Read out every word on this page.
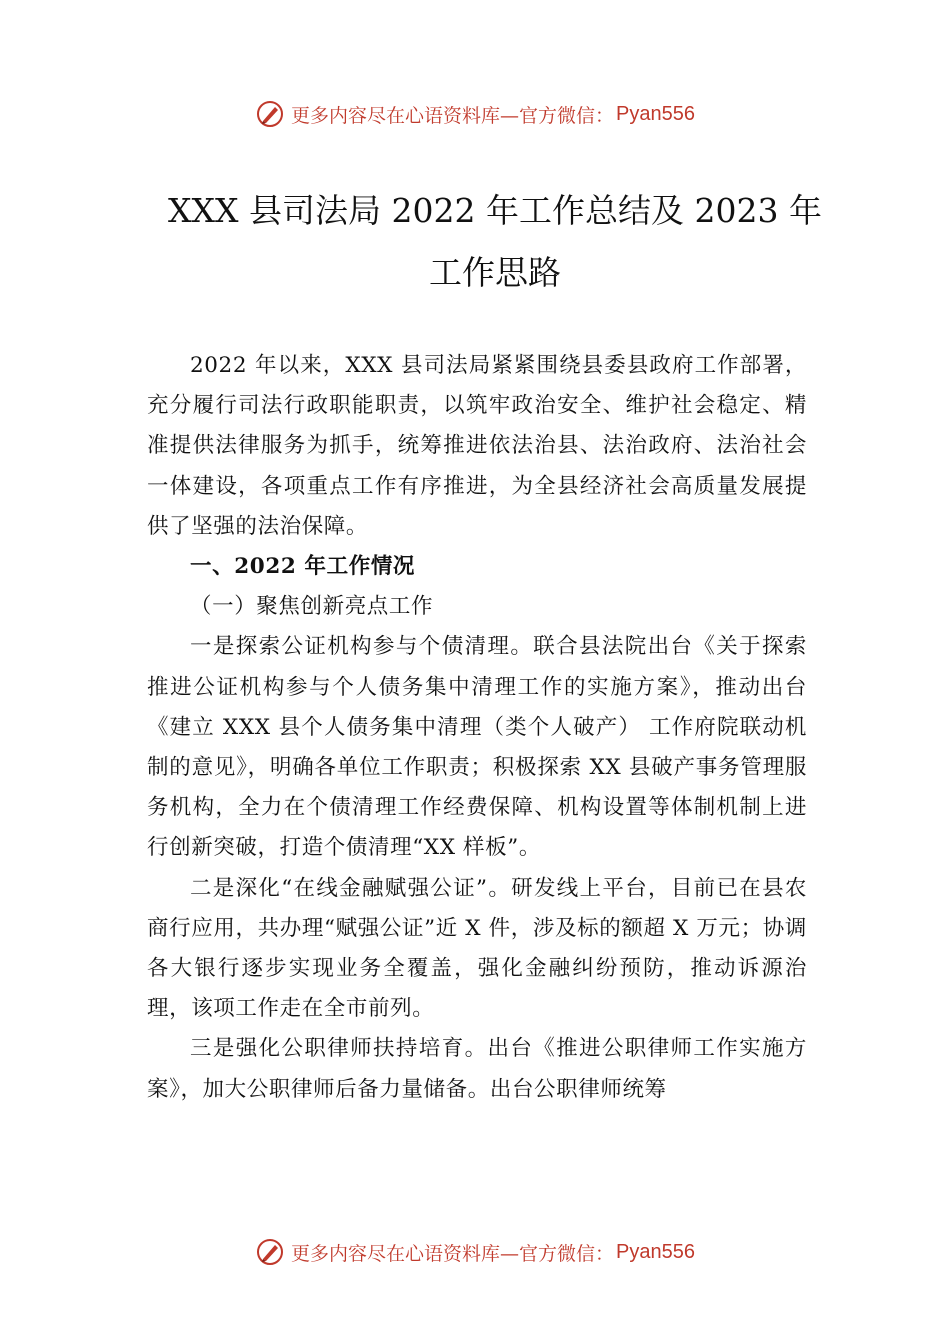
更多内容尽在心语资料库—官方微信： Pyan556
XXX 县司法局 2022 年工作总结及 2023 年
工作思路

2022 年以来，XXX 县司法局紧紧围绕县委县政府工作部署，充分履行司法行政职能职责，以筑牢政治安全、维护社会稳定、精准提供法律服务为抓手，统筹推进依法治县、法治政府、法治社会一体建设，各项重点工作有序推进，为全县经济社会高质量发展提供了坚强的法治保障。

一、2022 年工作情况

（一）聚焦创新亮点工作

一是探索公证机构参与个债清理。联合县法院出台《关于探索推进公证机构参与个人债务集中清理工作的实施方案》，推动出台《建立 XXX 县个人债务集中清理（类个人破产） 工作府院联动机制的意见》，明确各单位工作职责；积极探索 XX 县破产事务管理服务机构，全力在个债清理工作经费保障、机构设置等体制机制上进行创新突破，打造个债清理“XX 样板”。

二是深化“在线金融赋强公证”。研发线上平台，目前已在县农商行应用，共办理“赋强公证”近 X 件，涉及标的额超 X 万元；协调各大银行逐步实现业务全覆盖，强化金融纠纷预防，推动诉源治理，该项工作走在全市前列。

三是强化公职律师扶持培育。出台《推进公职律师工作实施方案》，加大公职律师后备力量储备。出台公职律师统筹

更多内容尽在心语资料库—官方微信： Pyan556
